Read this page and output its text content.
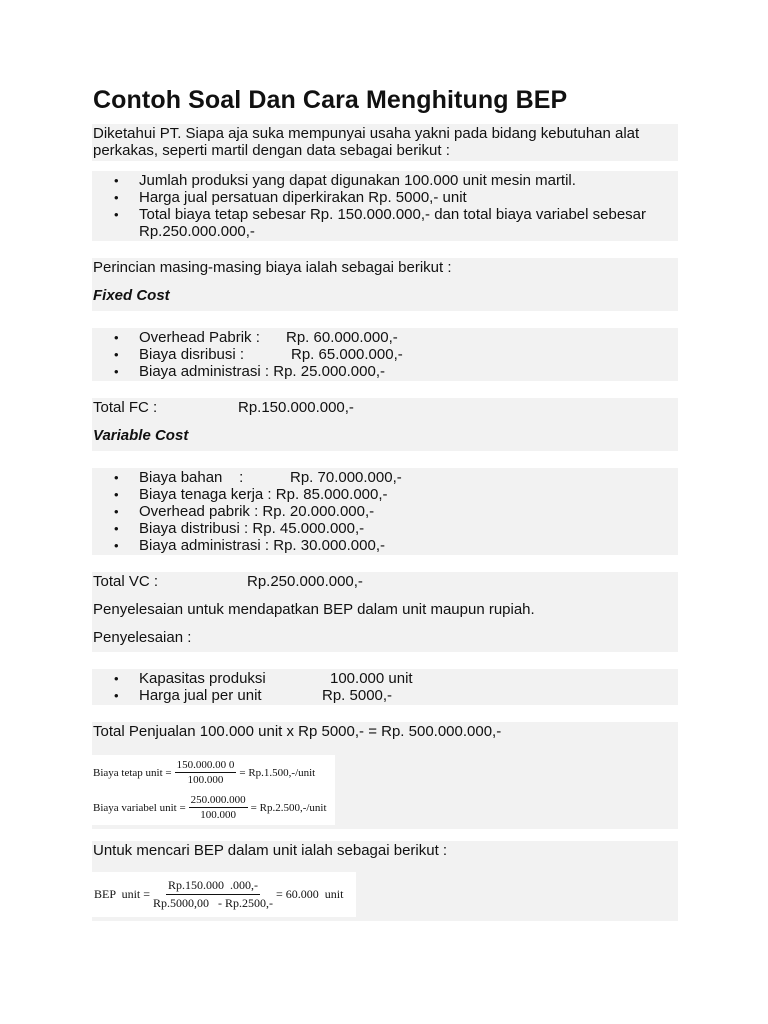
Contoh Soal Dan Cara Menghitung BEP
Diketahui PT. Siapa aja suka mempunyai usaha yakni pada bidang kebutuhan alat perkakas, seperti martil dengan data sebagai berikut :
• Jumlah produksi yang dapat digunakan 100.000 unit mesin martil.
• Harga jual persatuan diperkirakan Rp. 5000,- unit
• Total biaya tetap sebesar Rp. 150.000.000,- dan total biaya variabel sebesar Rp.250.000.000,-
Perincian masing-masing biaya ialah sebagai berikut :
Fixed Cost
• Overhead Pabrik : Rp. 60.000.000,-
• Biaya disribusi :	Rp. 65.000.000,-
• Biaya administrasi : Rp. 25.000.000,-
Total FC :	Rp.150.000.000,-
Variable Cost
• Biaya bahan    :	Rp. 70.000.000,-
• Biaya tenaga kerja : Rp. 85.000.000,-
• Overhead pabrik : Rp. 20.000.000,-
• Biaya distribusi : Rp. 45.000.000,-
• Biaya administrasi : Rp. 30.000.000,-
Total VC :	Rp.250.000.000,-
Penyelesaian untuk mendapatkan BEP dalam unit maupun rupiah.
Penyelesaian :
• Kapasitas produksi	100.000 unit
• Harga jual per unit	Rp. 5000,-
Total Penjualan 100.000 unit x Rp 5000,- = Rp. 500.000.000,-
Biaya tetap unit = $\frac{150.000.00 0}{100.000}$ = Rp.1.500,-/unit
Biaya variabel unit = $\frac{250.000.000}{100.000}$ = Rp.2.500,-/unit
Untuk mencari BEP dalam unit ialah sebagai berikut :
BEP  unit = $\frac{Rp.150.000 .000,-}{Rp.5000,00 - Rp.2500,-} = 60.000$  unit
